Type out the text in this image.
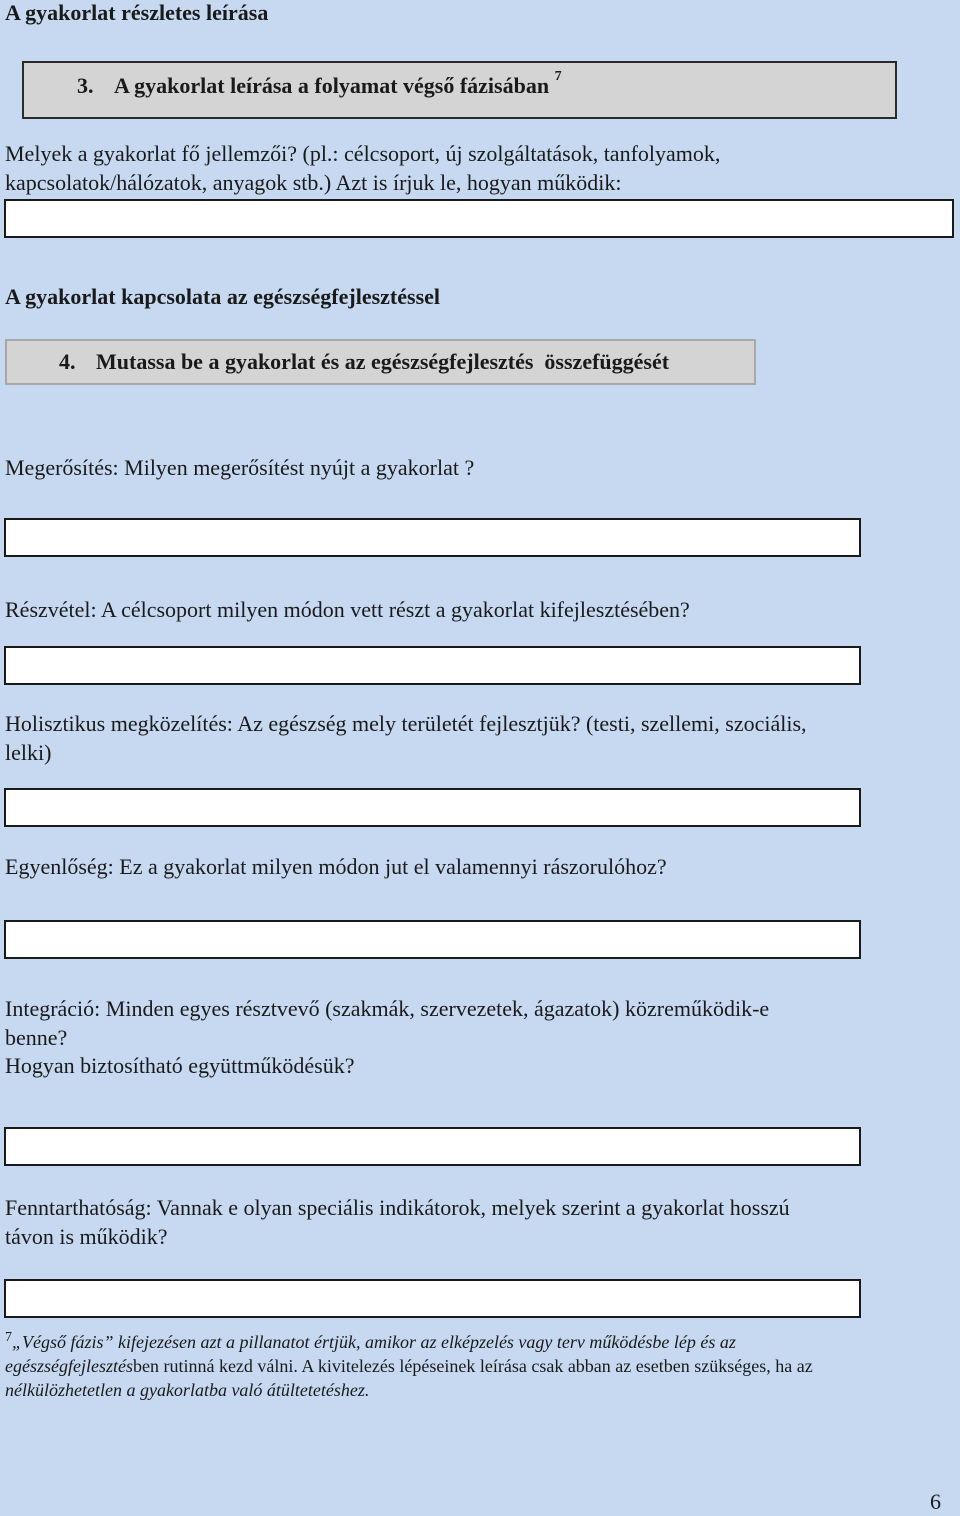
A gyakorlat részletes leírása
3. A gyakorlat leírása a folyamat végső fázisában $^7$

Melyek a gyakorlat fő jellemzői? (pl.: célcsoport, új szolgáltatások, tanfolyamok,

kapcsolatok/hálózatok, anyagok stb.) Azt is írjuk le, hogyan működik:

A gyakorlat kapcsolata az egészségfejlesztéssel

4. Mutassa be a gyakorlat és az egészségfejlesztés  összefüggését

Megerősítés: Milyen megerősítést nyújt a gyakorlat ?

Részvétel: A célcsoport milyen módon vett részt a gyakorlat kifejlesztésében?

Holisztikus megközelítés: Az egészség mely területét fejlesztjük? (testi, szellemi, szociális,

lelki)

Egyenlőség: Ez a gyakorlat milyen módon jut el valamennyi rászorulóhoz?

Integráció: Minden egyes résztvevő (szakmák, szervezetek, ágazatok) közreműködik-e

benne?

Hogyan biztosítható együttműködésük?

Fenntarthatóság: Vannak e olyan speciális indikátorok, melyek szerint a gyakorlat hosszú

távon is működik?

$^7$„Végső fázis” kifejezésen azt a pillanatot értjük, amikor az elképzelés vagy terv működésbe lép és az
egészségfejlesztésben rutinná kezd válni. A kivitelezés lépéseinek leírása csak abban az esetben szükséges, ha az
nélkülözhetetlen a gyakorlatba való átültetetéshez.
6
